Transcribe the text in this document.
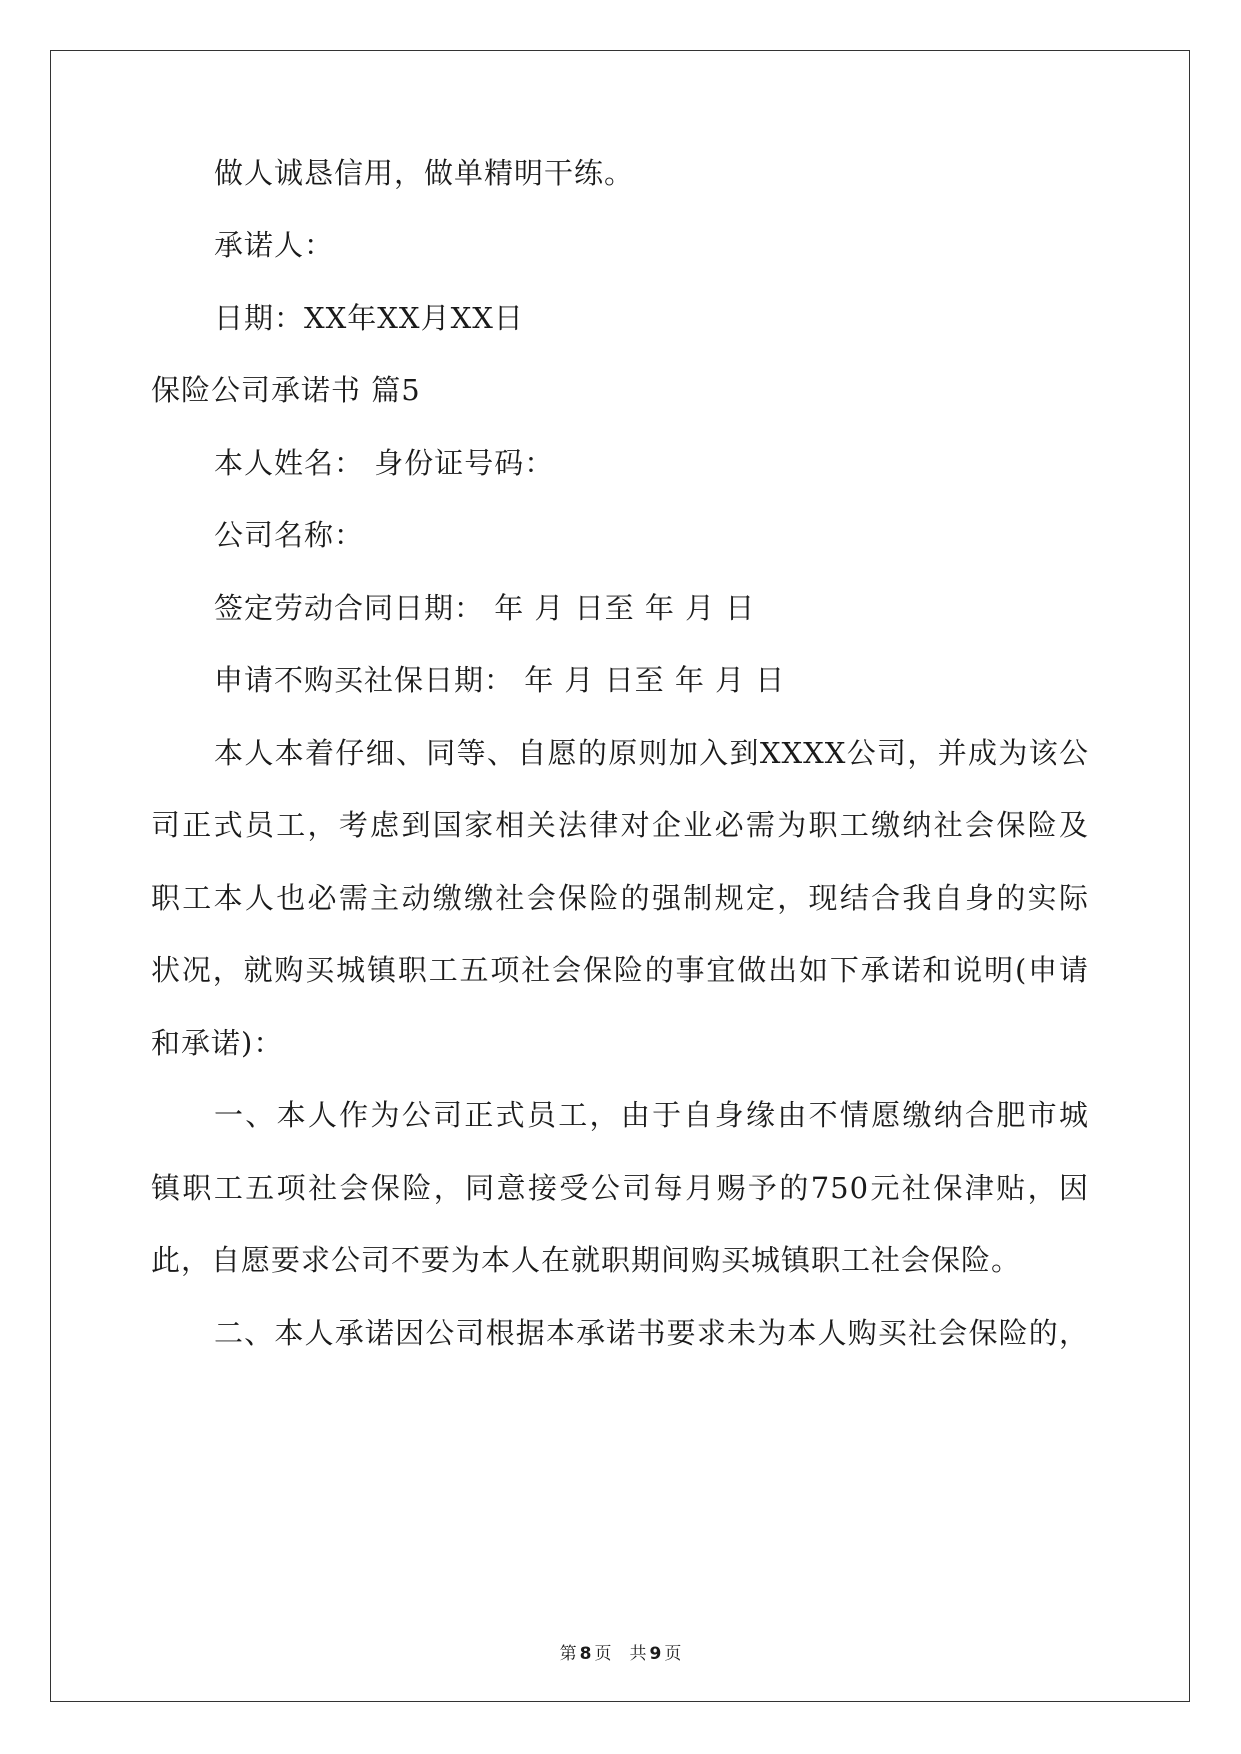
做人诚恳信用，做单精明干练。
承诺人：
日期：XX年XX月XX日
保险公司承诺书 篇5
本人姓名： 身份证号码：
公司名称：
签定劳动合同日期： 年 月 日至 年 月 日
申请不购买社保日期： 年 月 日至 年 月 日
本人本着仔细、同等、自愿的原则加入到XXXX公司，并成为该公
司正式员工，考虑到国家相关法律对企业必需为职工缴纳社会保险及
职工本人也必需主动缴缴社会保险的强制规定，现结合我自身的实际
状况，就购买城镇职工五项社会保险的事宜做出如下承诺和说明(申请
和承诺)：
一、本人作为公司正式员工，由于自身缘由不情愿缴纳合肥市城
镇职工五项社会保险，同意接受公司每月赐予的750元社保津贴，因
此，自愿要求公司不要为本人在就职期间购买城镇职工社会保险。
二、本人承诺因公司根据本承诺书要求未为本人购买社会保险的，
第 8 页 共 9 页
